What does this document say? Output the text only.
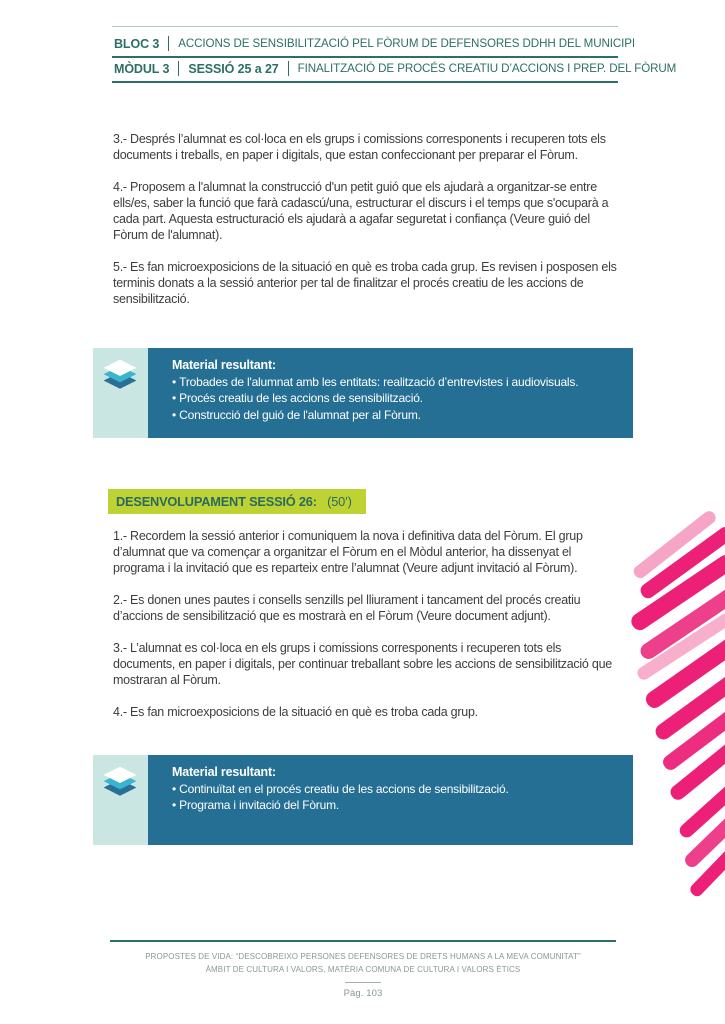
BLOC 3 ACCIONS DE SENSIBILITZACIÓ PEL FÒRUM DE DEFENSORES DDHH DEL MUNICIPI
MÒDUL 3 SESSIÓ 25 a 27 FINALITZACIÓ DE PROCÉS CREATIU D’ACCIONS I PREP. DEL FÒRUM

3.- Després l’alumnat es col·loca en els grups i comissions corresponents i recuperen tots els documents i treballs, en paper i digitals, que estan confeccionant per preparar el Fòrum.

4.- Proposem a l'alumnat la construcció d'un petit guió que els ajudarà a organitzar-se entre ells/es, saber la funció que farà cadascú/una, estructurar el discurs i el temps que s'ocuparà a cada part. Aquesta estructuració els ajudarà a agafar seguretat i confiança (Veure guió del Fòrum de l'alumnat).

5.- Es fan microexposicions de la situació en què es troba cada grup. Es revisen i posposen els terminis donats a la sessió anterior per tal de finalitzar el procés creatiu de les accions de sensibilització.

Material resultant:
• Trobades de l'alumnat amb les entitats: realització d’entrevistes i audiovisuals.
• Procés creatiu de les accions de sensibilització.
• Construcció del guió de l'alumnat per al Fòrum.
DESENVOLUPAMENT SESSIÓ 26: (50’)

1.- Recordem la sessió anterior i comuniquem la nova i definitiva data del Fòrum. El grup d’alumnat que va començar a organitzar el Fòrum en el Mòdul anterior, ha dissenyat el programa i la invitació que es reparteix entre l’alumnat (Veure adjunt invitació al Fòrum).

2.- Es donen unes pautes i consells senzills pel lliurament i tancament del procés creatiu d’accions de sensibilització que es mostrarà en el Fòrum (Veure document adjunt).

3.- L’alumnat es col·loca en els grups i comissions corresponents i recuperen tots els documents, en paper i digitals, per continuar treballant sobre les accions de sensibilització que mostraran al Fòrum.

4.- Es fan microexposicions de la situació en què es troba cada grup.

Material resultant:
• Continuïtat en el procés creatiu de les accions de sensibilització.
• Programa i invitació del Fòrum.
PROPOSTES DE VIDA: “DESCOBREIXO PERSONES DEFENSORES DE DRETS HUMANS A LA MEVA COMUNITAT”
ÀMBIT DE CULTURA I VALORS, MATÈRIA COMUNA DE CULTURA I VALORS ÈTICS
Pàg. 103
